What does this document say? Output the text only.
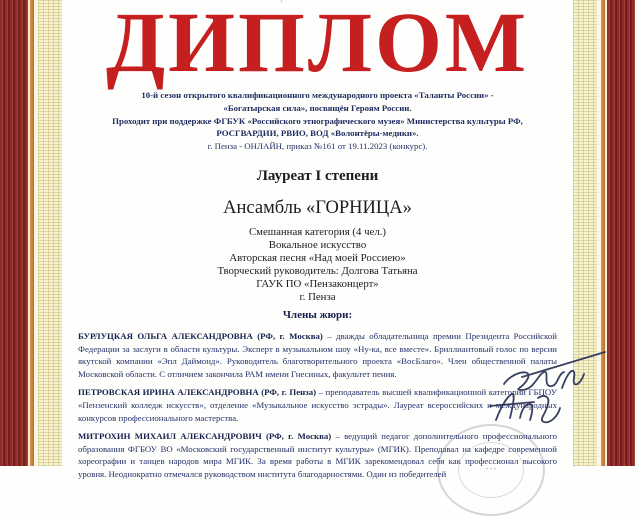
ДИПЛОМ
10-й сезон открытого квалификационного международного проекта «Таланты России» -
«Богатырская сила», посвящён Героям России.
Проходит при поддержке ФГБУК «Российского этнографического музея» Министерства культуры РФ,
РОСГВАРДИИ, РВИО, ВОД «Волонтёры-медики».
г. Пенза - ОНЛАЙН, приказ №161 от 19.11.2023 (конкурс).
Лауреат I степени
Ансамбль «ГОРНИЦА»
Смешанная категория (4 чел.)
Вокальное искусство
Авторская песня «Над моей Россиею»
Творческий руководитель: Долгова Татьяна
ГАУК ПО «Пензаконцерт»
г. Пенза
Члены жюри:

БУРЛУЦКАЯ ОЛЬГА АЛЕКСАНДРОВНА (РФ, г. Москва) – дважды обладательница премии Президента Российской Федерации за заслуги в области культуры. Эксперт в музыкальном шоу «Ну-ка, все вместе». Бриллиантовый голос по версии якутской компании «Эпл Даймонд». Руководитель благотворительного проекта «ВосБлаго». Член общественной палаты Московской области. С отличием закончила РАМ имени Гнесиных, факультет пения.

ПЕТРОВСКАЯ ИРИНА АЛЕКСАНДРОВНА (РФ, г. Пенза) – преподаватель высшей квалификационной категории ГБПОУ «Пензенский колледж искусств», отделение «Музыкальное искусство эстрады». Лауреат всероссийских и международных конкурсов профессионального мастерства.

МИТРОХИН МИХАИЛ АЛЕКСАНДРОВИЧ (РФ, г. Москва) – ведущий педагог дополнительного профессионального образования ФГБОУ ВО «Московский государственный институт культуры» (МГИК). Преподавал на кафедре современной хореографии и танцев народов мира МГИК. За время работы в МГИК зарекомендовал себя как профессионал высокого уровня. Неоднократно отмечался руководством института благодарностями. Один из победителей	• • •
